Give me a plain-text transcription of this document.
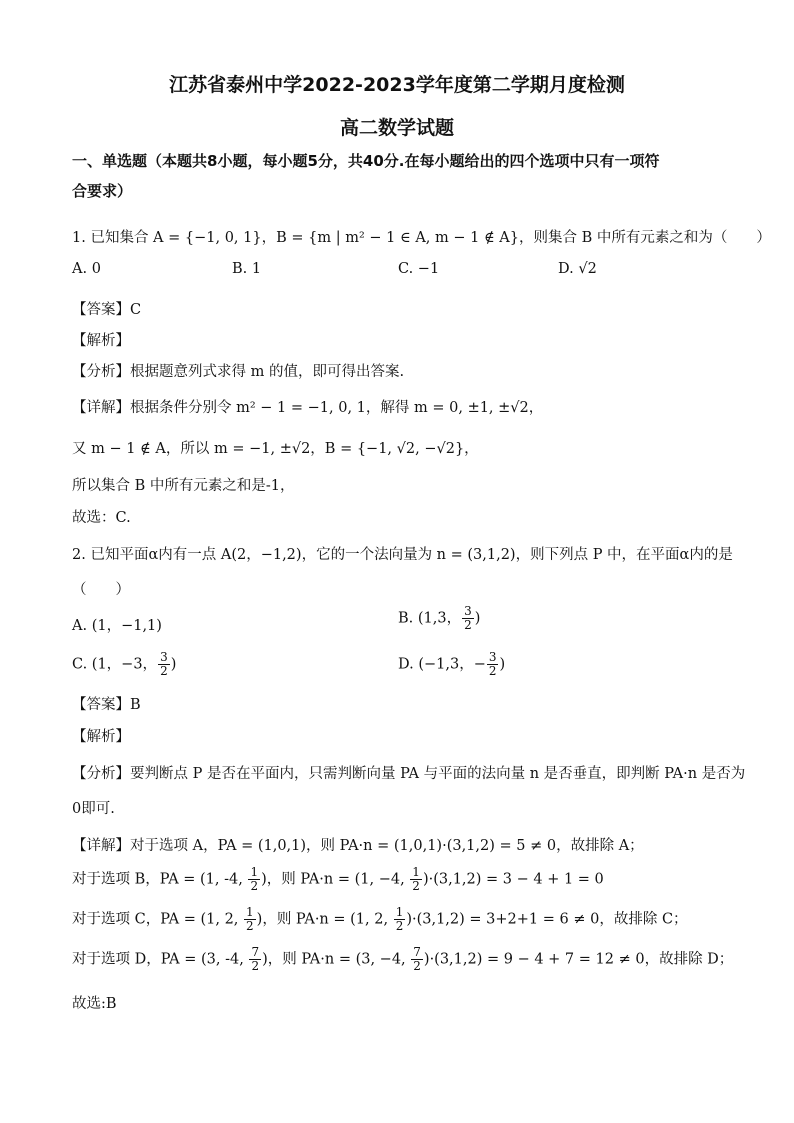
江苏省泰州中学2022-2023学年度第二学期月度检测
高二数学试题
一、单选题（本题共8小题，每小题5分，共40分.在每小题给出的四个选项中只有一项符
合要求）
1. 已知集合 A = {−1, 0, 1}，B = {m | m² − 1 ∈ A, m − 1 ∉ A}，则集合 B 中所有元素之和为（　　）
A. 0	B. 1	C. −1	D. √2
【答案】C
【解析】
【分析】根据题意列式求得 m 的值，即可得出答案.
【详解】根据条件分别令 m² − 1 = −1, 0, 1，解得 m = 0, ±1, ±√2，
又 m − 1 ∉ A，所以 m = −1, ±√2，B = {−1, √2, −√2}，
所以集合 B 中所有元素之和是-1，
故选：C.
2. 已知平面α内有一点 A(2，−1,2)，它的一个法向量为 n = (3,1,2)，则下列点 P 中，在平面α内的是
（　　）
A. (1，−1,1)	B. (1,3， $\frac{3}{2}$ )
C. (1，−3， $\frac{3}{2}$ )	D. (−1,3，− $\frac{3}{2}$ )
【答案】B
【解析】
【分析】要判断点 P 是否在平面内，只需判断向量 PA 与平面的法向量 n 是否垂直，即判断 PA·n 是否为
0即可.
【详解】对于选项 A，PA = (1,0,1)，则 PA·n = (1,0,1)·(3,1,2) = 5 ≠ 0，故排除 A；
对于选项 B，PA = (1, -4, $\frac{1}{2}$ )，则 PA·n = (1, −4, $\frac{1}{2} )\cdot(3,1,2) = 3 - 4 + 1 = 0$
对于选项 C，PA = (1, 2, $\frac{1}{2}$ )，则 PA·n = (1, 2, $\frac{1}{2} )\cdot(3,1,2) = 3+2+1 = 6 \ne 0$，故排除 C；
对于选项 D，PA = (3, -4, $\frac{7}{2}$ )，则 PA·n = (3, −4, $\frac{7}{2} )\cdot(3,1,2) = 9 - 4 + 7 = 12 \ne 0$，故排除 D；
故选:B
